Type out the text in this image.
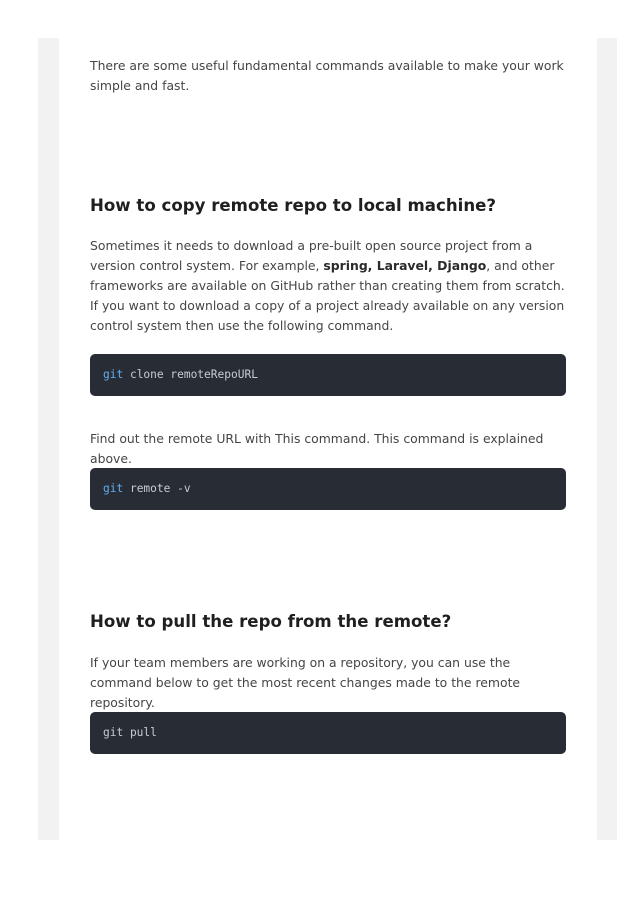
There are some useful fundamental commands available to make your work simple and fast.

How to copy remote repo to local machine?

Sometimes it needs to download a pre-built open source project from a version control system. For example, spring, Laravel, Django, and other frameworks are available on GitHub rather than creating them from scratch.

If you want to download a copy of a project already available on any version control system then use the following command.

git clone remoteRepoURL

Find out the remote URL with This command. This command is explained above.

git remote -v
How to pull the repo from the remote?

If your team members are working on a repository, you can use the command below to get the most recent changes made to the remote repository.

git pull
